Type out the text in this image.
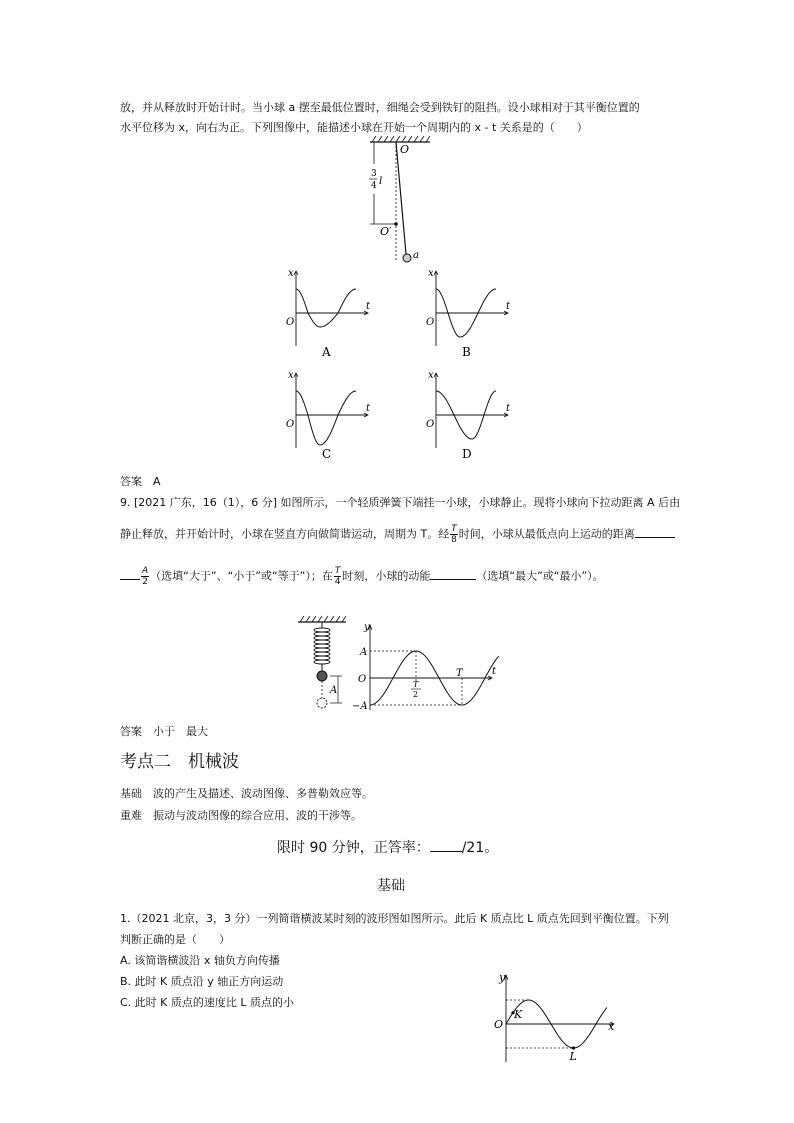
放，并从释放时开始计时。当小球 a 摆至最低位置时，细绳会受到铁钉的阻挡。设小球相对于其平衡位置的
水平位移为 x，向右为正。下列图像中，能描述小球在开始一个周期内的 x - t 关系是的（　　）
O
O′
3
4 l
a
x
t
O
A
x
t
O
B
x
t
O
C
x
t
O
D
答案　A
9. [2021 广东，16（1），6 分] 如图所示，一个轻质弹簧下端挂一小球，小球静止。现将小球向下拉动距离 A 后由
静止释放，并开始计时，小球在竖直方向做简谐运动，周期为 T。经 $\frac{T}{8}$ 时间，小球从最低点向上运动的距离
$\frac{A}{2}$ （选填“大于”、“小于”或“等于”）；在 $\frac{T}{4}$ 时刻，小球的动能	（选填“最大”或“最小”）。
A
y
A
O
−A
t
T
T
2
答案　小于　最大
考点二　机械波
基础　波的产生及描述、波动图像、多普勒效应等。
重难　振动与波动图像的综合应用、波的干涉等。
限时 90 分钟，正答率： /21。
基础
1.（2021 北京，3，3 分）一列简谐横波某时刻的波形图如图所示。此后 K 质点比 L 质点先回到平衡位置。下列
判断正确的是（　　）
A. 该简谐横波沿 x 轴负方向传播
B. 此时 K 质点沿 y 轴正方向运动
C. 此时 K 质点的速度比 L 质点的小
y
O	x
K
L
